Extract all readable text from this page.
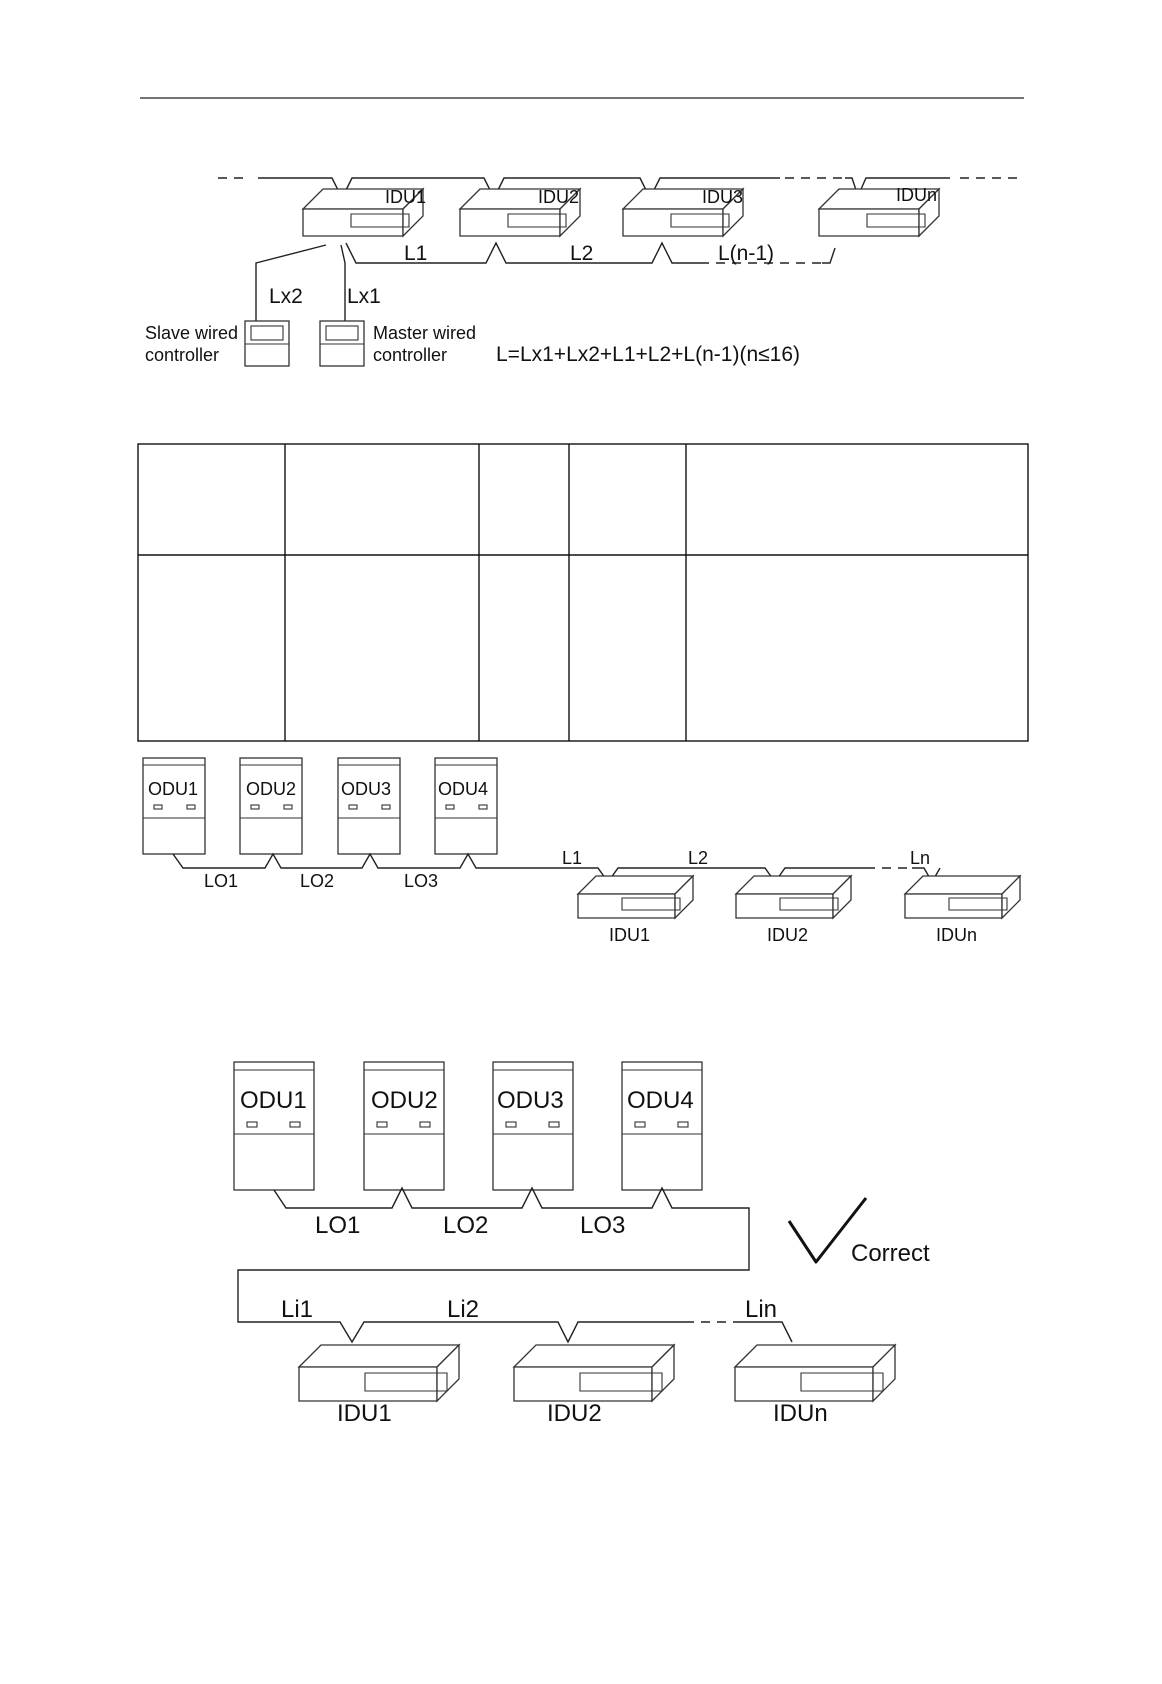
IDU1	IDU2	IDU3	IDUn
L1	L2	L(n-1)
Lx2 Lx1
Slave wired
controller
Master wired
controller L=Lx1+Lx2+L1+L2+L(n-1)(n≤16)
ODU1	ODU2 ODU3	ODU4
LO1	LO2	LO3
L1	L2	Ln
IDU1	IDU2	IDUn
ODU1	ODU2 ODU3	ODU4
LO1	LO2	LO3
Li1	Li2	Lin
IDU1	IDU2	IDUn
Correct
